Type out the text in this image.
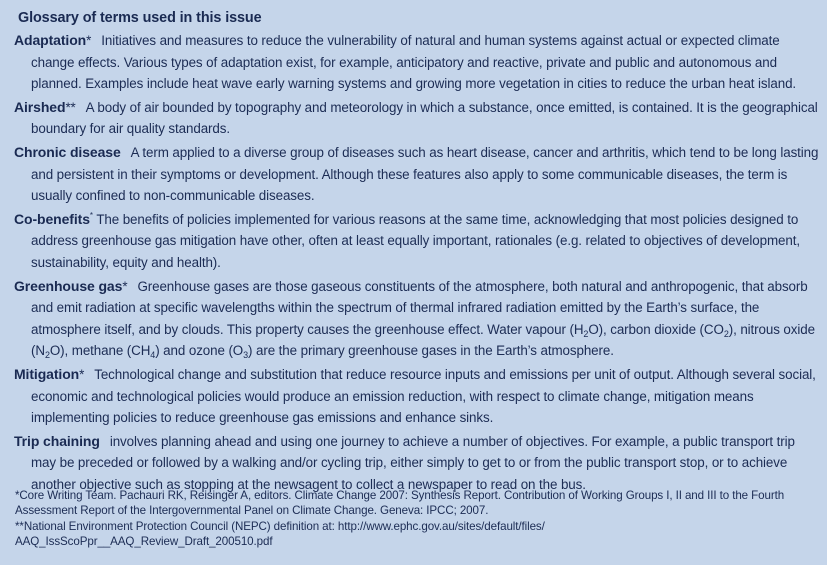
Glossary of terms used in this issue

Adaptation* Initiatives and measures to reduce the vulnerability of natural and human systems against actual or expected climate change effects. Various types of adaptation exist, for example, anticipatory and reactive, private and public and autonomous and planned. Examples include heat wave early warning systems and growing more vegetation in cities to reduce the urban heat island.

Airshed** A body of air bounded by topography and meteorology in which a substance, once emitted, is contained. It is the geographical boundary for air quality standards.

Chronic disease A term applied to a diverse group of diseases such as heart disease, cancer and arthritis, which tend to be long lasting and persistent in their symptoms or development. Although these features also apply to some communicable diseases, the term is usually confined to non-communicable diseases.

Co-benefits* The benefits of policies implemented for various reasons at the same time, acknowledging that most policies designed to address greenhouse gas mitigation have other, often at least equally important, rationales (e.g. related to objectives of development, sustainability, equity and health).

Greenhouse gas* Greenhouse gases are those gaseous constituents of the atmosphere, both natural and anthropogenic, that absorb and emit radiation at specific wavelengths within the spectrum of thermal infrared radiation emitted by the Earth’s surface, the atmosphere itself, and by clouds. This property causes the greenhouse effect. Water vapour $(H_2O)$, carbon dioxide $(CO_2)$, nitrous oxide $(N_2O)$, methane $(CH_4)$ and ozone $(O_3)$ are the primary greenhouse gases in the Earth’s atmosphere.

Mitigation* Technological change and substitution that reduce resource inputs and emissions per unit of output. Although several social, economic and technological policies would produce an emission reduction, with respect to climate change, mitigation means implementing policies to reduce greenhouse gas emissions and enhance sinks.

Trip chaining involves planning ahead and using one journey to achieve a number of objectives. For example, a public transport trip may be preceded or followed by a walking and/or cycling trip, either simply to get to or from the public transport stop, or to achieve another objective such as stopping at the newsagent to collect a newspaper to read on the bus.

*Core Writing Team. Pachauri RK, Reisinger A, editors. Climate Change 2007: Synthesis Report. Contribution of Working Groups I, II and III to the Fourth Assessment Report of the Intergovernmental Panel on Climate Change. Geneva: IPCC; 2007.

**National Environment Protection Council (NEPC) definition at: http://www.ephc.gov.au/sites/default/files/

AAQ_IssScoPpr__AAQ_Review_Draft_200510.pdf
